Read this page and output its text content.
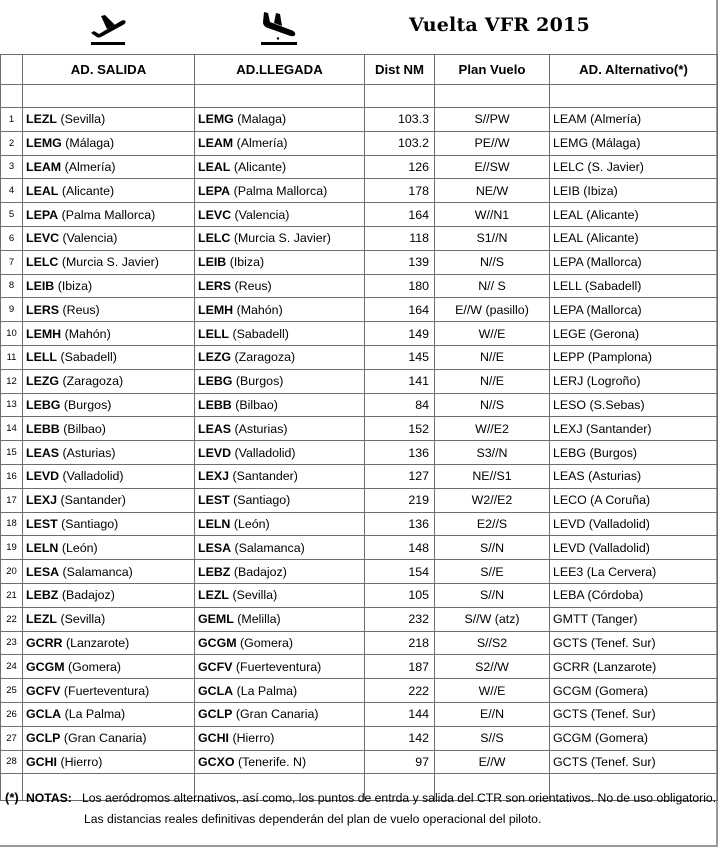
Vuelta VFR 2015
	AD. SALIDA	AD.LLEGADA	Dist NM	Plan Vuelo	AD. Alternativo(*)

1	LEZL (Sevilla)	LEMG (Malaga)	103.3	S//PW	LEAM (Almería)
2	LEMG (Málaga)	LEAM (Almería)	103.2	PE//W	LEMG (Málaga)
3	LEAM (Almería)	LEAL (Alicante)	126	E//SW	LELC (S. Javier)
4	LEAL (Alicante)	LEPA (Palma Mallorca)	178	NE/W	LEIB (Ibiza)
5	LEPA (Palma Mallorca)	LEVC (Valencia)	164	W//N1	LEAL (Alicante)
6	LEVC (Valencia)	LELC (Murcia S. Javier)	118	S1//N	LEAL (Alicante)
7	LELC (Murcia S. Javier)	LEIB (Ibiza)	139	N//S	LEPA (Mallorca)
8	LEIB (Ibiza)	LERS (Reus)	180	N// S	LELL (Sabadell)
9	LERS (Reus)	LEMH (Mahón)	164	E//W (pasillo)	LEPA (Mallorca)
10	LEMH (Mahón)	LELL (Sabadell)	149	W//E	LEGE (Gerona)
11	LELL (Sabadell)	LEZG (Zaragoza)	145	N//E	LEPP (Pamplona)
12	LEZG (Zaragoza)	LEBG (Burgos)	141	N//E	LERJ (Logroño)
13	LEBG (Burgos)	LEBB (Bilbao)	84	N//S	LESO (S.Sebas)
14	LEBB (Bilbao)	LEAS (Asturias)	152	W//E2	LEXJ (Santander)
15	LEAS (Asturias)	LEVD (Valladolid)	136	S3//N	LEBG (Burgos)
16	LEVD (Valladolid)	LEXJ (Santander)	127	NE//S1	LEAS (Asturias)
17	LEXJ (Santander)	LEST (Santiago)	219	W2//E2	LECO (A Coruña)
18	LEST (Santiago)	LELN (León)	136	E2//S	LEVD (Valladolid)
19	LELN (León)	LESA (Salamanca)	148	S//N	LEVD (Valladolid)
20	LESA (Salamanca)	LEBZ (Badajoz)	154	S//E	LEE3 (La Cervera)
21	LEBZ (Badajoz)	LEZL (Sevilla)	105	S//N	LEBA (Córdoba)
22	LEZL (Sevilla)	GEML (Melilla)	232	S//W (atz)	GMTT (Tanger)
23	GCRR (Lanzarote)	GCGM (Gomera)	218	S//S2	GCTS (Tenef. Sur)
24	GCGM (Gomera)	GCFV (Fuerteventura)	187	S2//W	GCRR (Lanzarote)
25	GCFV (Fuerteventura)	GCLA (La Palma)	222	W//E	GCGM (Gomera)
26	GCLA (La Palma)	GCLP (Gran Canaria)	144	E//N	GCTS (Tenef. Sur)
27	GCLP (Gran Canaria)	GCHI (Hierro)	142	S//S	GCGM (Gomera)
28	GCHI (Hierro)	GCXO (Tenerife. N)	97	E//W	GCTS (Tenef. Sur)

(*) NOTAS: Los aeródromos alternativos, así como, los puntos de entrda y salida del CTR son orientativos. No de uso obligatorio.
Las distancias reales definitivas dependerán del plan de vuelo operacional del piloto.
